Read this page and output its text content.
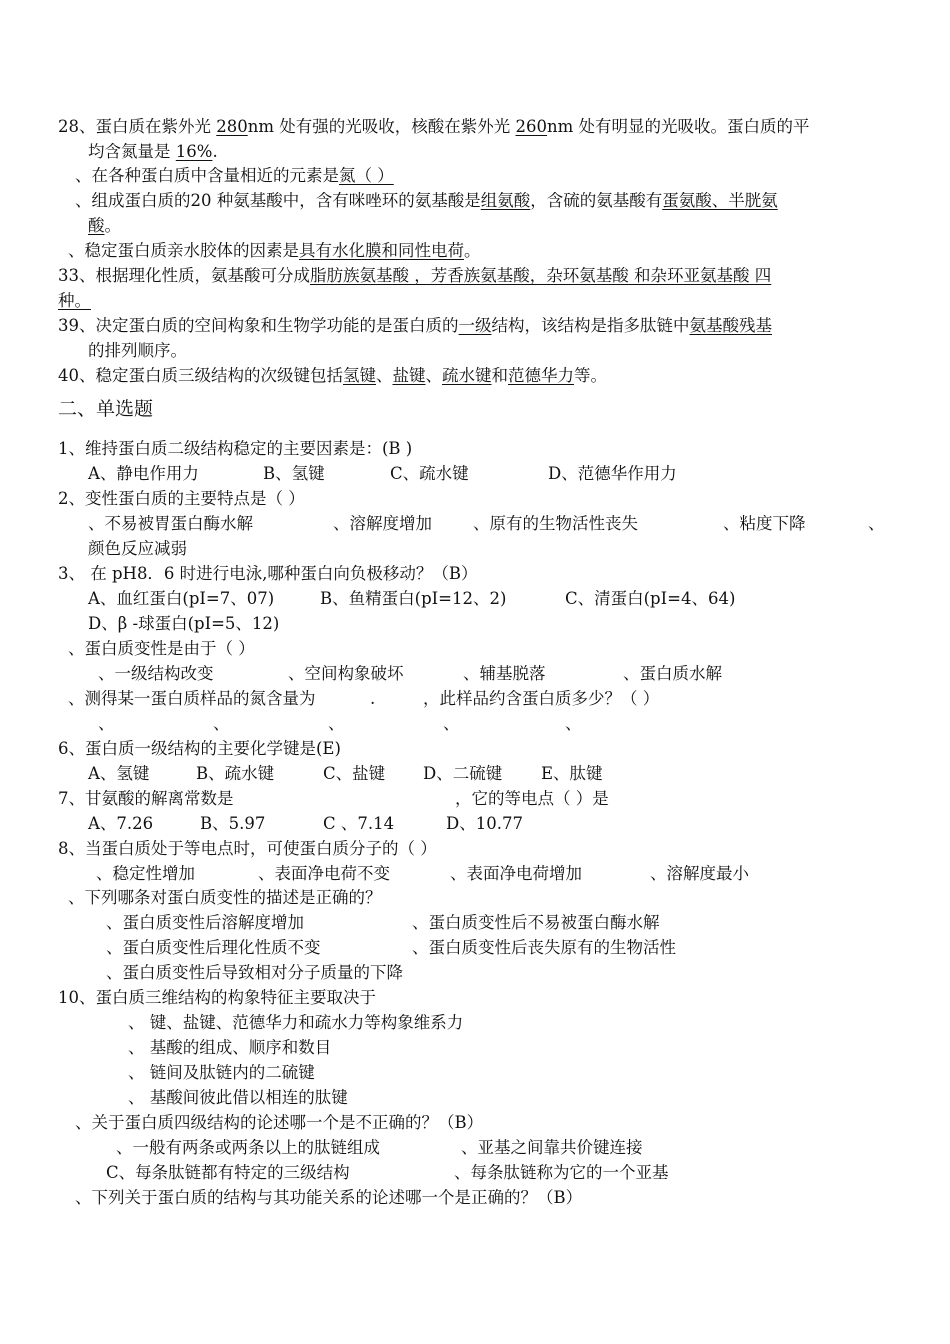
28、蛋白质在紫外光 280nm 处有强的光吸收，核酸在紫外光 260nm 处有明显的光吸收。蛋白质的平
均含氮量是 16%.
、在各种蛋白质中含量相近的元素是氮（ ）
、组成蛋白质的20 种氨基酸中，含有咪唑环的氨基酸是组氨酸，含硫的氨基酸有蛋氨酸、半胱氨
酸。
、稳定蛋白质亲水胶体的因素是具有水化膜和同性电荷。
33、根据理化性质，氨基酸可分成脂肪族氨基酸 ，芳香族氨基酸，杂环氨基酸 和杂环亚氨基酸 四
种。
39、决定蛋白质的空间构象和生物学功能的是蛋白质的一级结构，该结构是指多肽链中氨基酸残基
的排列顺序。
40、稳定蛋白质三级结构的次级键包括氢键、盐键、疏水键和范德华力等。
二、单选题
1、维持蛋白质二级结构稳定的主要因素是：(B )
A、静电作用力	B、氢键	C、疏水键	D、范德华作用力
2、变性蛋白质的主要特点是（ ）
、不易被胃蛋白酶水解	、溶解度增加 、原有的生物活性丧失	、粘度下降	、
颜色反应减弱
3、 在 pH8．6 时进行电泳,哪种蛋白向负极移动？（B）
A、血红蛋白(pI=7、07)	B、鱼精蛋白(pI=12、2)	C、清蛋白(pI=4、64)
D、β -球蛋白(pI=5、12)
、蛋白质变性是由于（ ）
、一级结构改变	、空间构象破坏	、辅基脱落	、蛋白质水解
、测得某一蛋白质样品的氮含量为	.	，此样品约含蛋白质多少？（ ）
、	、	、	、	、
6、蛋白质一级结构的主要化学键是(E)
A、氢键	B、疏水键	C、盐键 D、二硫键 E、肽键
7、甘氨酸的解离常数是	，它的等电点（ ）是
A、7.26	B、5.97	C 、7.14	D、10.77
8、当蛋白质处于等电点时，可使蛋白质分子的（ ）
、稳定性增加	、表面净电荷不变	、表面净电荷增加	、溶解度最小
、下列哪条对蛋白质变性的描述是正确的？
、蛋白质变性后溶解度增加	、蛋白质变性后不易被蛋白酶水解
、蛋白质变性后理化性质不变	、蛋白质变性后丧失原有的生物活性
、蛋白质变性后导致相对分子质量的下降
10、蛋白质三维结构的构象特征主要取决于
、 键、盐键、范德华力和疏水力等构象维系力
、 基酸的组成、顺序和数目
、 链间及肽链内的二硫键
、 基酸间彼此借以相连的肽键
、关于蛋白质四级结构的论述哪一个是不正确的？（B）
、一般有两条或两条以上的肽链组成	、亚基之间靠共价键连接
C、每条肽链都有特定的三级结构	、每条肽链称为它的一个亚基
、下列关于蛋白质的结构与其功能关系的论述哪一个是正确的？（B）
